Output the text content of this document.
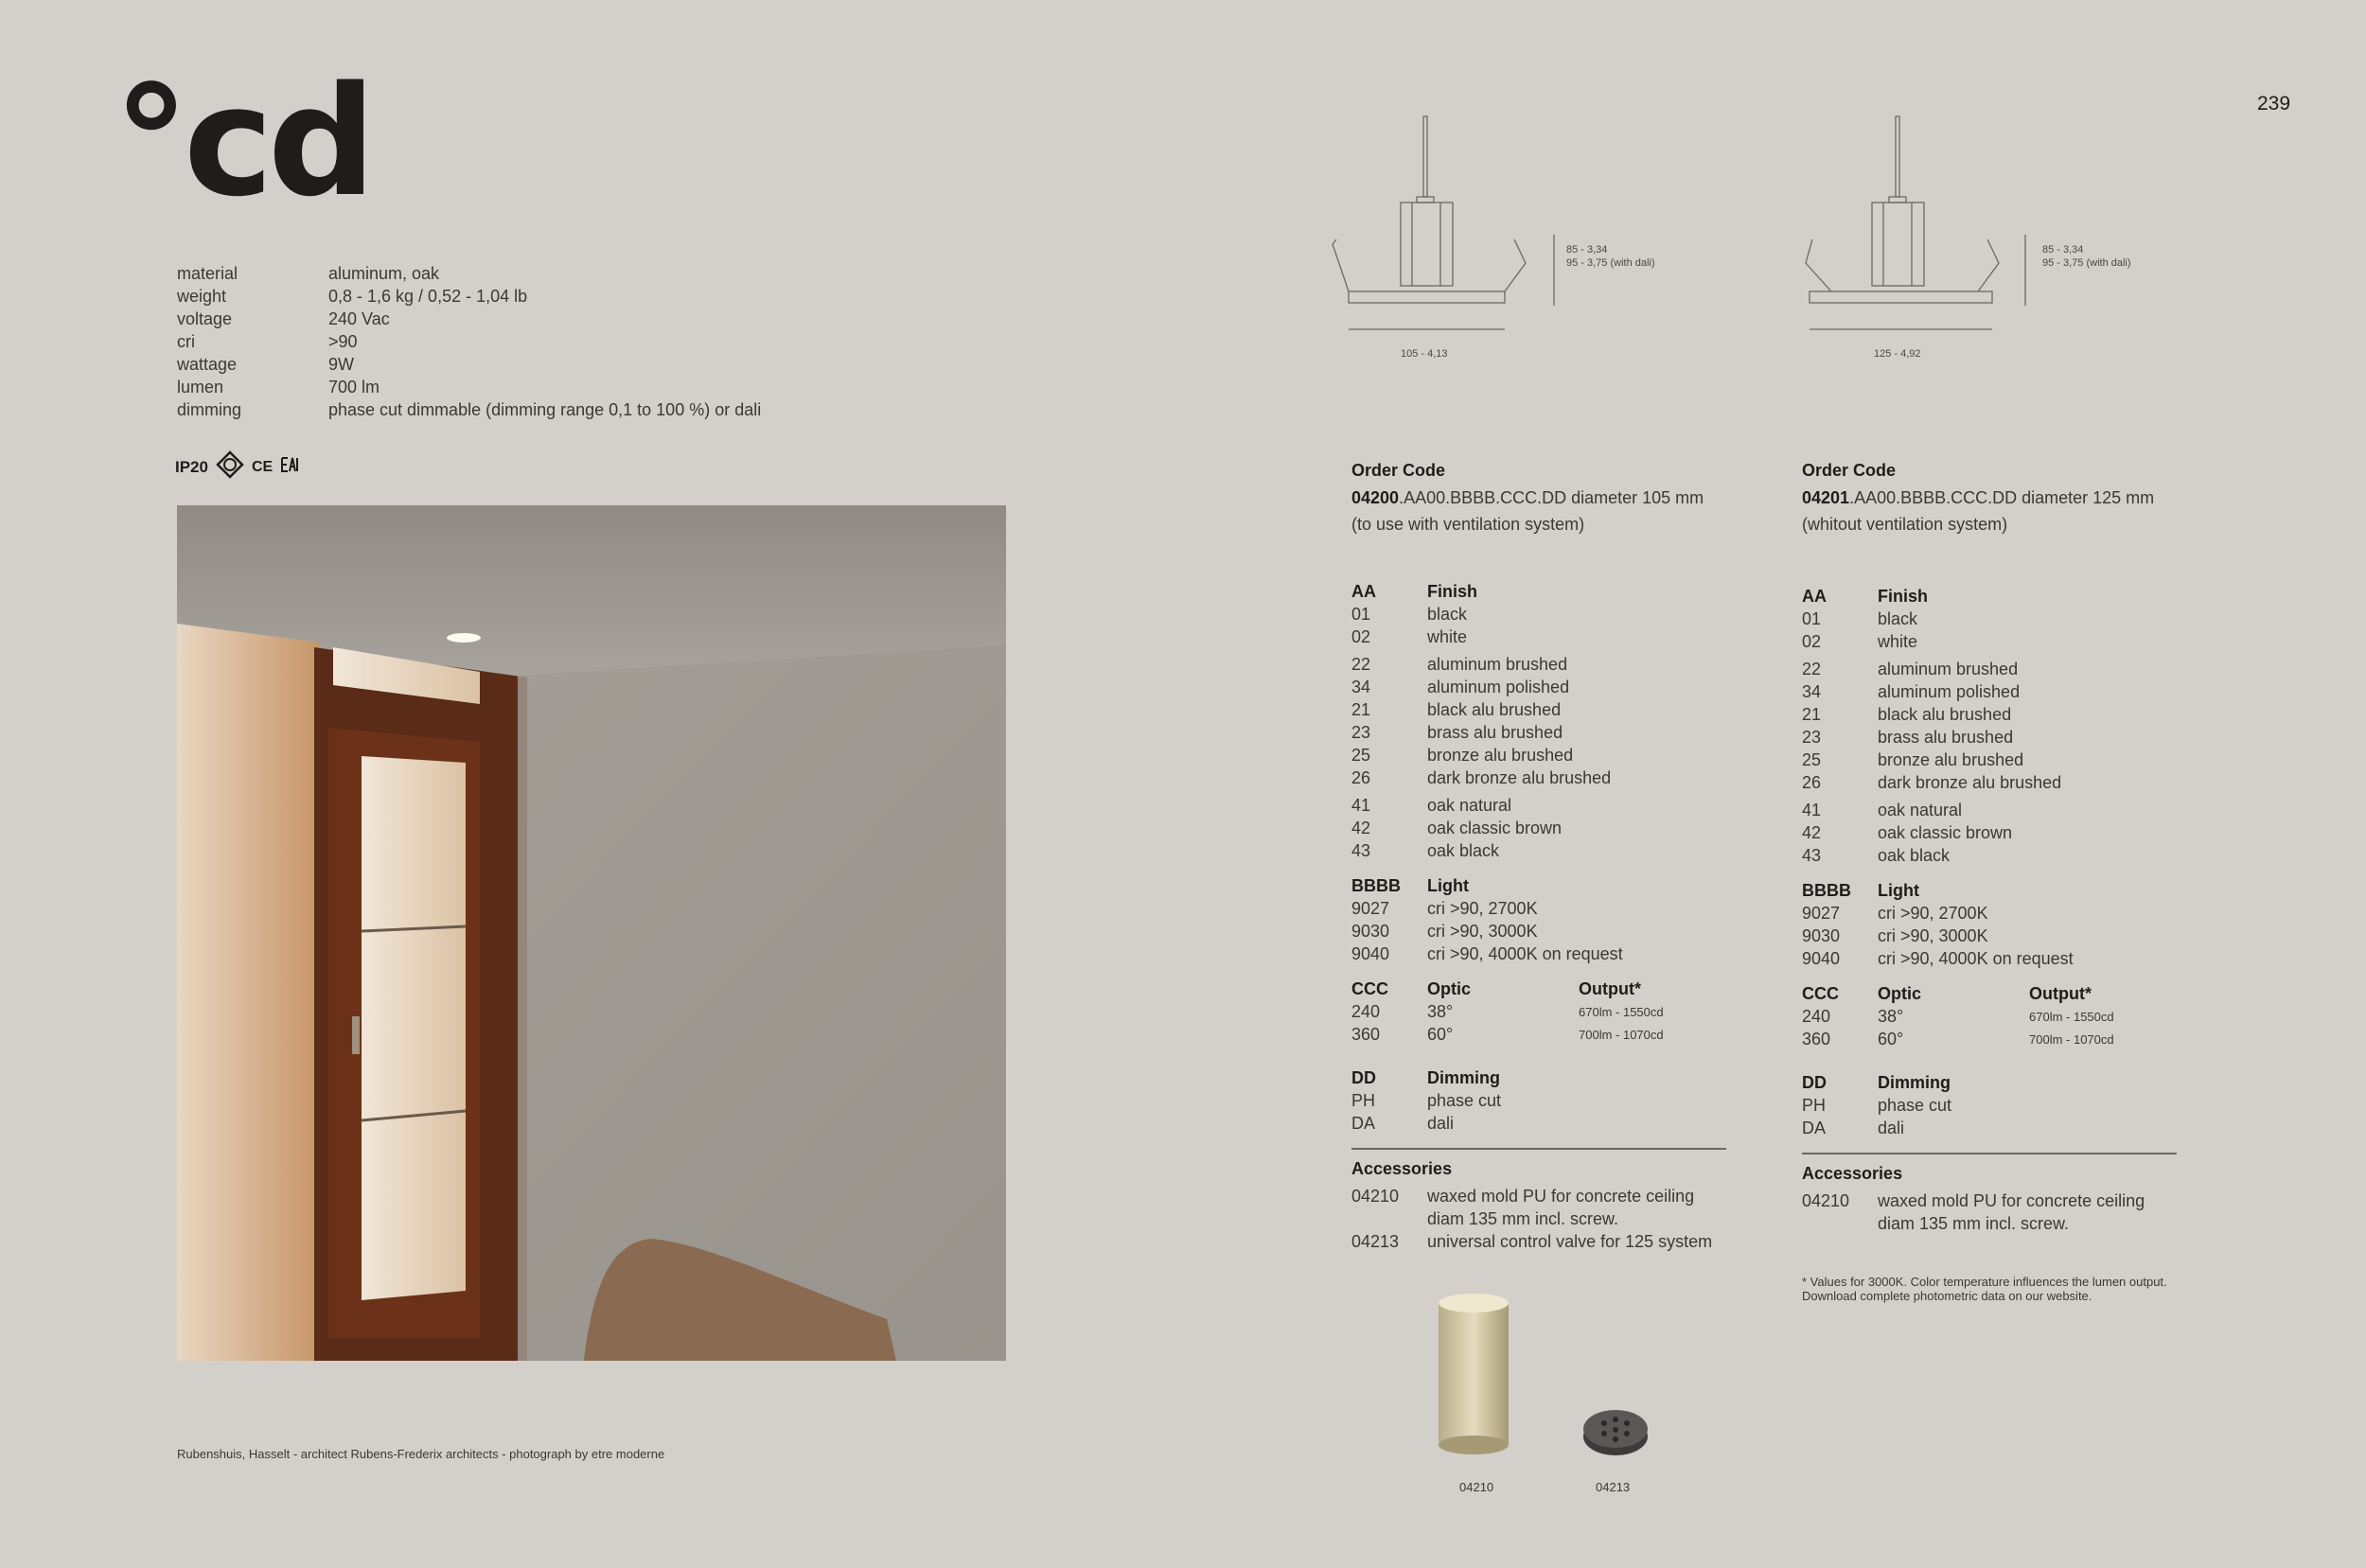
239
°cd
material	aluminum, oak
weight	0,8 - 1,6 kg / 0,52 - 1,04 lb
voltage	240 Vac
cri	>90
wattage	9W
lumen	700 lm
dimming	phase cut dimmable (dimming range 0,1 to 100 %) or dali
IP20	CE
Rubenshuis, Hasselt - architect Rubens-Frederix architects - photograph by etre moderne
85 - 3,34
95 - 3,75 (with dali)
105 - 4,13
85 - 3,34
95 - 3,75 (with dali)
125 - 4,92
Order Code
04200.AA00.BBBB.CCC.DD diameter 105 mm
(to use with ventilation system)
AA	Finish
01	black
02	white
22	aluminum brushed
34	aluminum polished
21	black alu brushed
23	brass alu brushed
25	bronze alu brushed
26	dark bronze alu brushed
41	oak natural
42	oak classic brown
43	oak black
BBBB	Light
9027	cri >90, 2700K
9030	cri >90, 3000K
9040	cri >90, 4000K on request
CCC	Optic	Output*
240	38°	670lm - 1550cd
360	60°	700lm - 1070cd
DD	Dimming
PH	phase cut
DA	dali
Accessories
04210	waxed mold PU for concrete ceiling
diam 135 mm incl. screw.
04213	universal control valve for 125 system
Order Code
04201.AA00.BBBB.CCC.DD diameter 125 mm
(whitout ventilation system)
AA	Finish
01	black
02	white
22	aluminum brushed
34	aluminum polished
21	black alu brushed
23	brass alu brushed
25	bronze alu brushed
26	dark bronze alu brushed
41	oak natural
42	oak classic brown
43	oak black
BBBB	Light
9027	cri >90, 2700K
9030	cri >90, 3000K
9040	cri >90, 4000K on request
CCC	Optic	Output*
240	38°	670lm - 1550cd
360	60°	700lm - 1070cd
DD	Dimming
PH	phase cut
DA	dali
Accessories
04210	waxed mold PU for concrete ceiling
diam 135 mm incl. screw.
* Values for 3000K. Color temperature influences the lumen output.
Download complete photometric data on our website.
04210	04213
